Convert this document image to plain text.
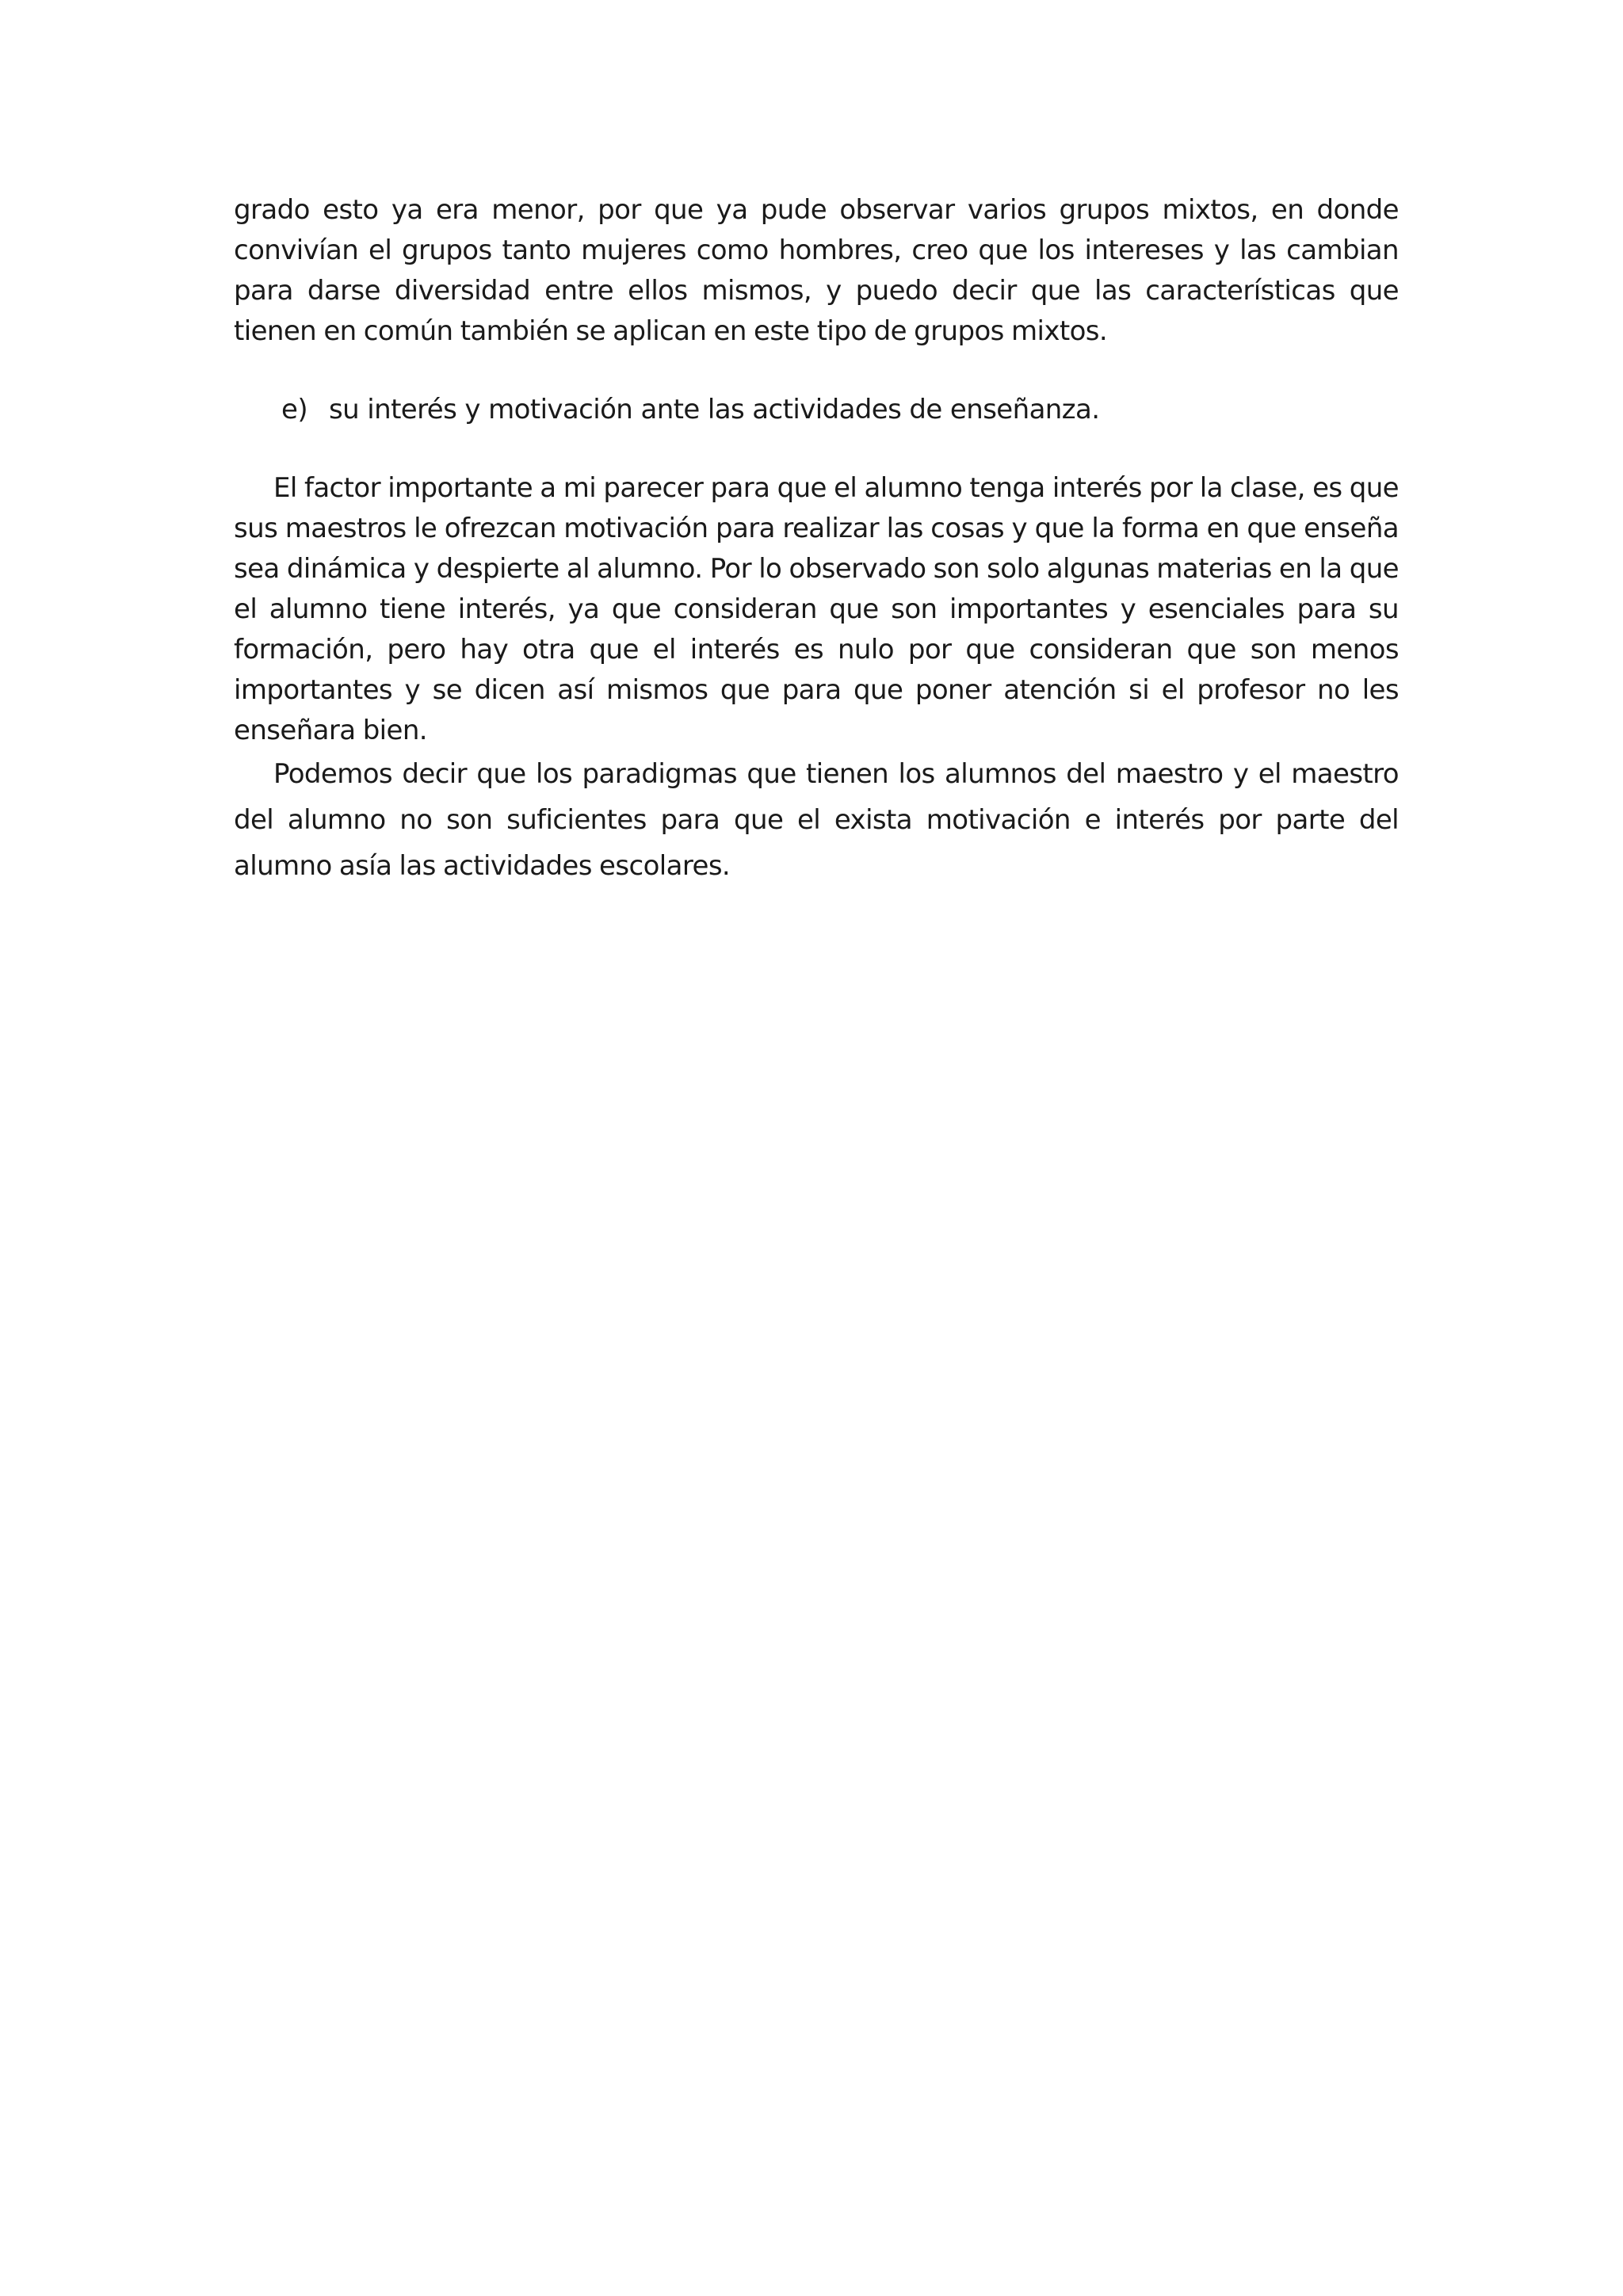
grado esto ya era menor, por que ya pude observar varios grupos mixtos, en donde convivían el grupos tanto mujeres como hombres, creo que los intereses y las cambian para darse diversidad entre ellos mismos, y puedo decir que las características que tienen en común también se aplican en este tipo de grupos mixtos.

e) su interés y motivación ante las actividades de enseñanza.

El factor importante a mi parecer para que el alumno tenga interés por la clase, es que sus maestros le ofrezcan motivación para realizar las cosas y que la forma en que enseña sea dinámica y despierte al alumno. Por lo observado son solo algunas materias en la que el alumno tiene interés, ya que consideran que son importantes y esenciales para su formación, pero hay otra que el interés es nulo por que consideran que son menos importantes y se dicen así mismos que para que poner atención si el profesor no les enseñara bien.

Podemos decir que los paradigmas que tienen los alumnos del maestro y el maestro del alumno no son suficientes para que el exista motivación e interés por parte del alumno asía las actividades escolares.
